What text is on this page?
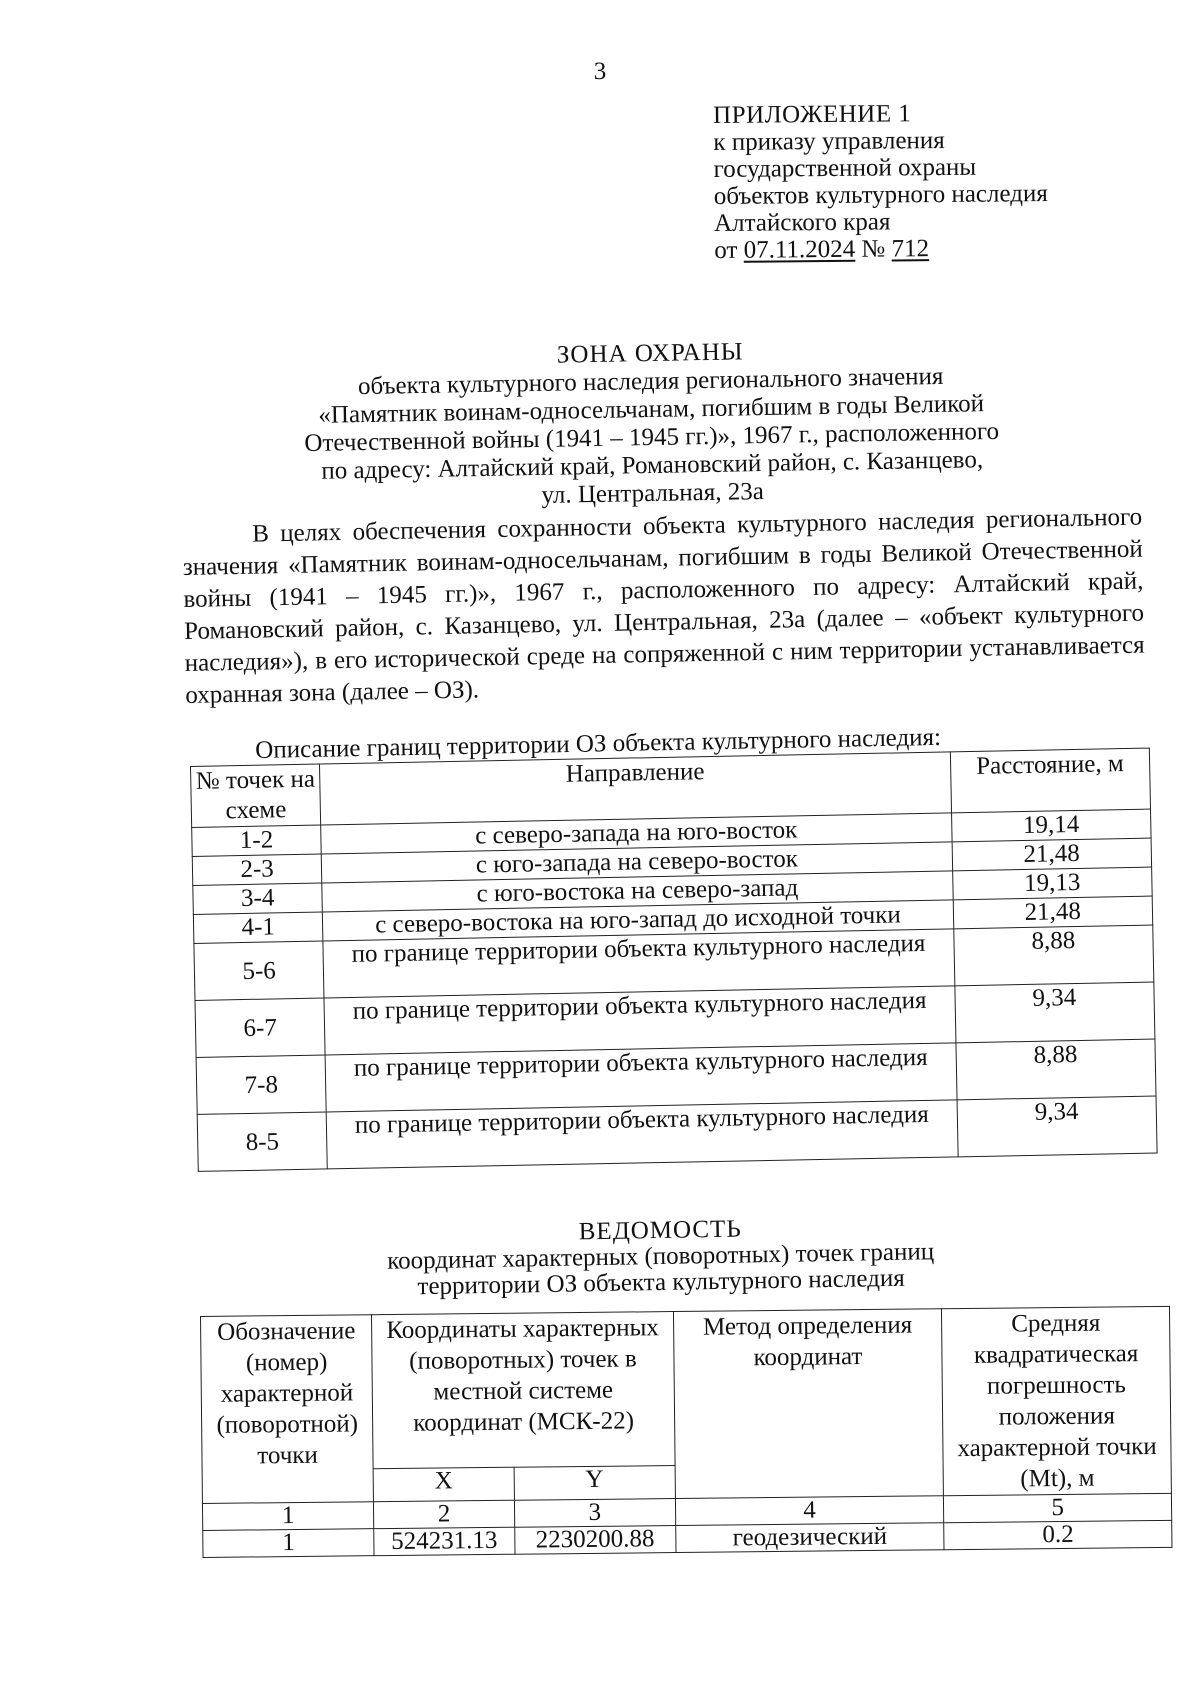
3
ПРИЛОЖЕНИЕ 1
к приказу управления
государственной охраны
объектов культурного наследия
Алтайского края
от 07.11.2024 № 712
ЗОНА ОХРАНЫ
объекта культурного наследия регионального значения
«Памятник воинам-односельчанам, погибшим в годы Великой
Отечественной войны (1941 – 1945 гг.)», 1967 г., расположенного
по адресу: Алтайский край, Романовский район, с. Казанцево,
ул. Центральная, 23а

В целях обеспечения сохранности объекта культурного наследия регионального значения «Памятник воинам-односельчанам, погибшим в годы Великой Отечественной войны (1941 – 1945 гг.)», 1967 г., расположенного по адресу: Алтайский край, Романовский район, с. Казанцево, ул. Центральная, 23а (далее – «объект культурного наследия»), в его исторической среде на сопряженной с ним территории устанавливается охранная зона (далее – ОЗ).

Описание границ территории ОЗ объекта культурного наследия:
№ точек на схеме	Направление	Расстояние, м
1-2	с северо-запада на юго-восток	19,14
2-3	с юго-запада на северо-восток	21,48
3-4	с юго-востока на северо-запад	19,13
4-1	с северо-востока на юго-запад до исходной точки	21,48
5-6	по границе территории объекта культурного наследия	8,88
6-7	по границе территории объекта культурного наследия	9,34
7-8	по границе территории объекта культурного наследия	8,88
8-5	по границе территории объекта культурного наследия	9,34
ВЕДОМОСТЬ
координат характерных (поворотных) точек границ
территории ОЗ объекта культурного наследия
Обозначение (номер) характерной (поворотной) точки	Координаты характерных (поворотных) точек в местной системе координат (МСК-22)		Метод определения координат	Средняя квадратическая погрешность положения характерной точки (Mt), м
	X	Y		
1	2	3	4	5
1	524231.13	2230200.88	геодезический	0.2
